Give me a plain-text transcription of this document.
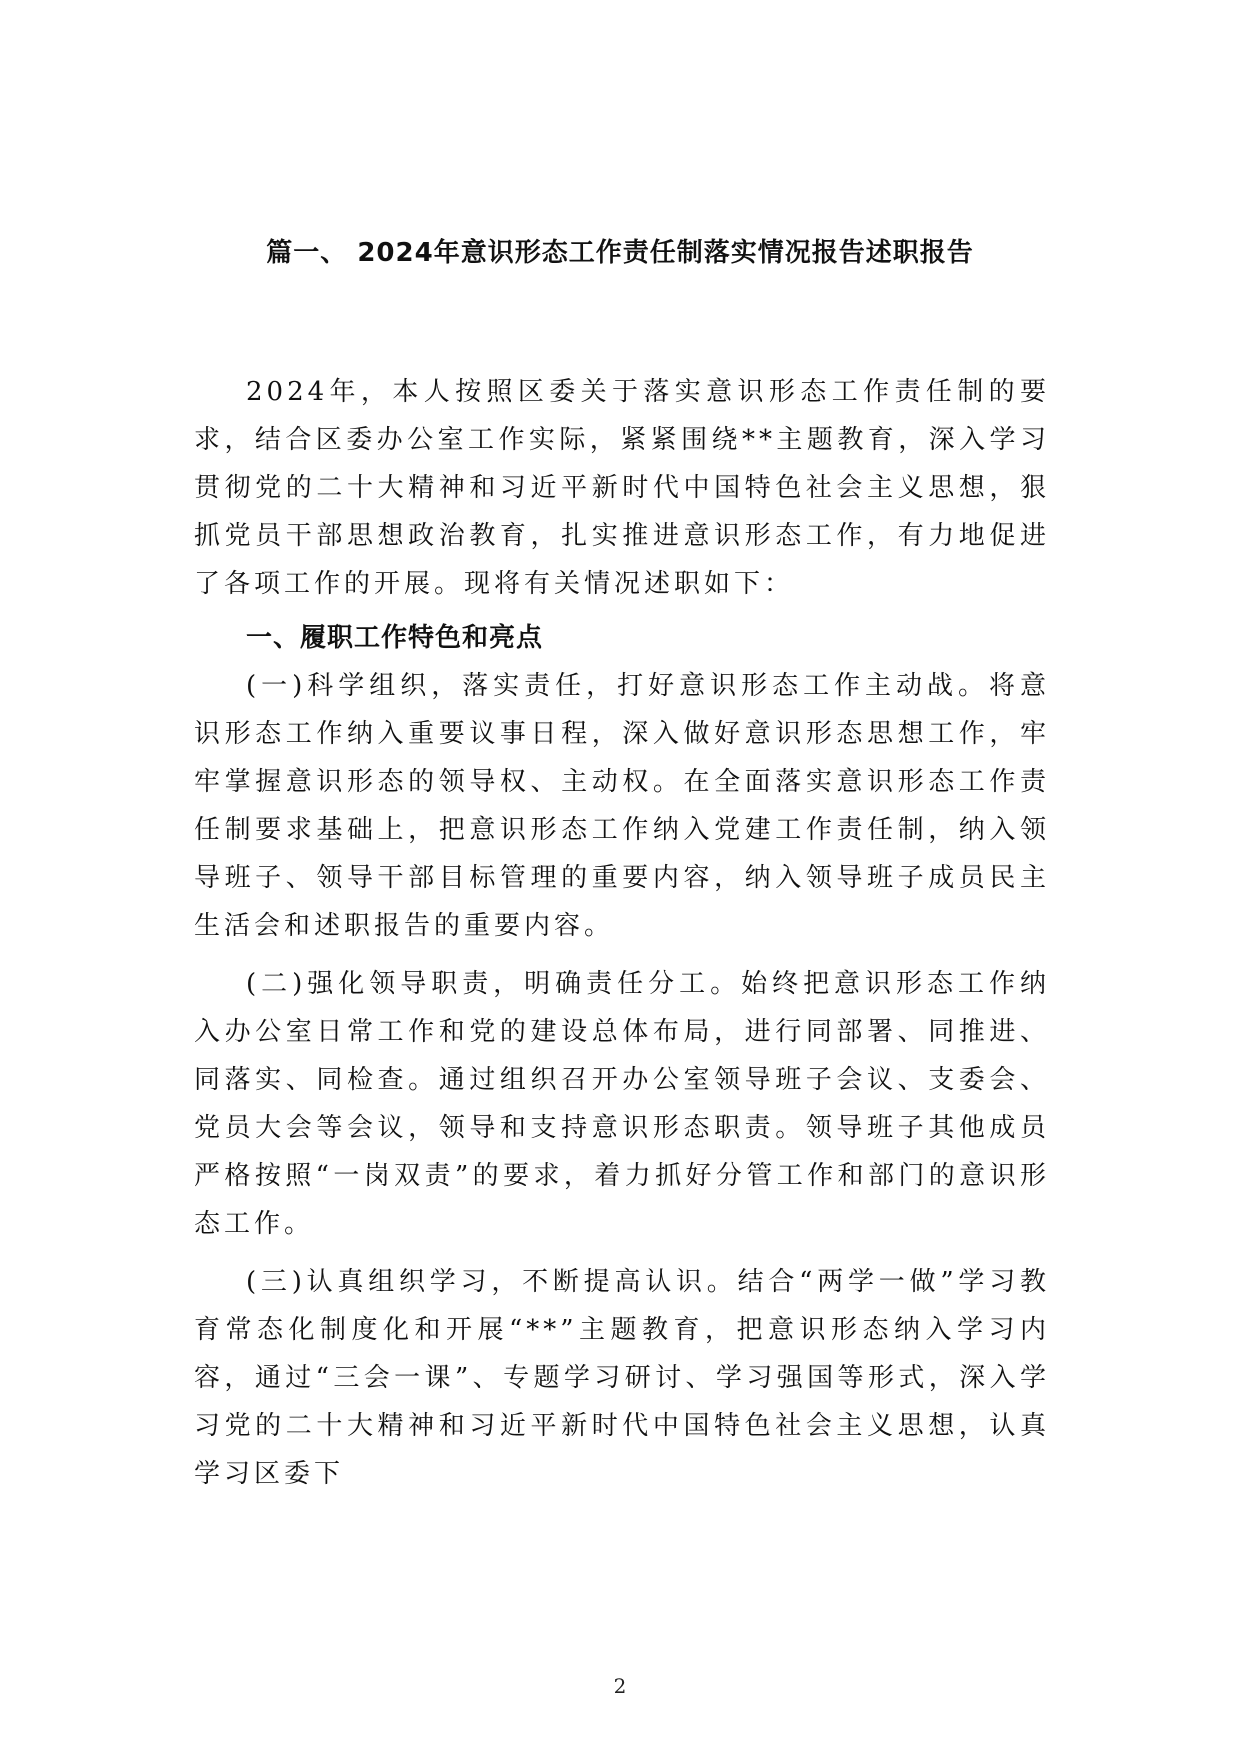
篇一、 2024年意识形态工作责任制落实情况报告述职报告

2024年，本人按照区委关于落实意识形态工作责任制的要求，结合区委办公室工作实际，紧紧围绕**主题教育，深入学习贯彻党的二十大精神和习近平新时代中国特色社会主义思想，狠抓党员干部思想政治教育，扎实推进意识形态工作，有力地促进了各项工作的开展。现将有关情况述职如下：

一、履职工作特色和亮点

(一)科学组织，落实责任，打好意识形态工作主动战。将意识形态工作纳入重要议事日程，深入做好意识形态思想工作，牢牢掌握意识形态的领导权、主动权。在全面落实意识形态工作责任制要求基础上，把意识形态工作纳入党建工作责任制，纳入领导班子、领导干部目标管理的重要内容，纳入领导班子成员民主生活会和述职报告的重要内容。

(二)强化领导职责，明确责任分工。始终把意识形态工作纳入办公室日常工作和党的建设总体布局，进行同部署、同推进、同落实、同检查。通过组织召开办公室领导班子会议、支委会、党员大会等会议，领导和支持意识形态职责。领导班子其他成员严格按照“一岗双责”的要求，着力抓好分管工作和部门的意识形态工作。

(三)认真组织学习，不断提高认识。结合“两学一做”学习教育常态化制度化和开展“**”主题教育，把意识形态纳入学习内容，通过“三会一课”、专题学习研讨、学习强国等形式，深入学习党的二十大精神和习近平新时代中国特色社会主义思想，认真学习区委下

2
